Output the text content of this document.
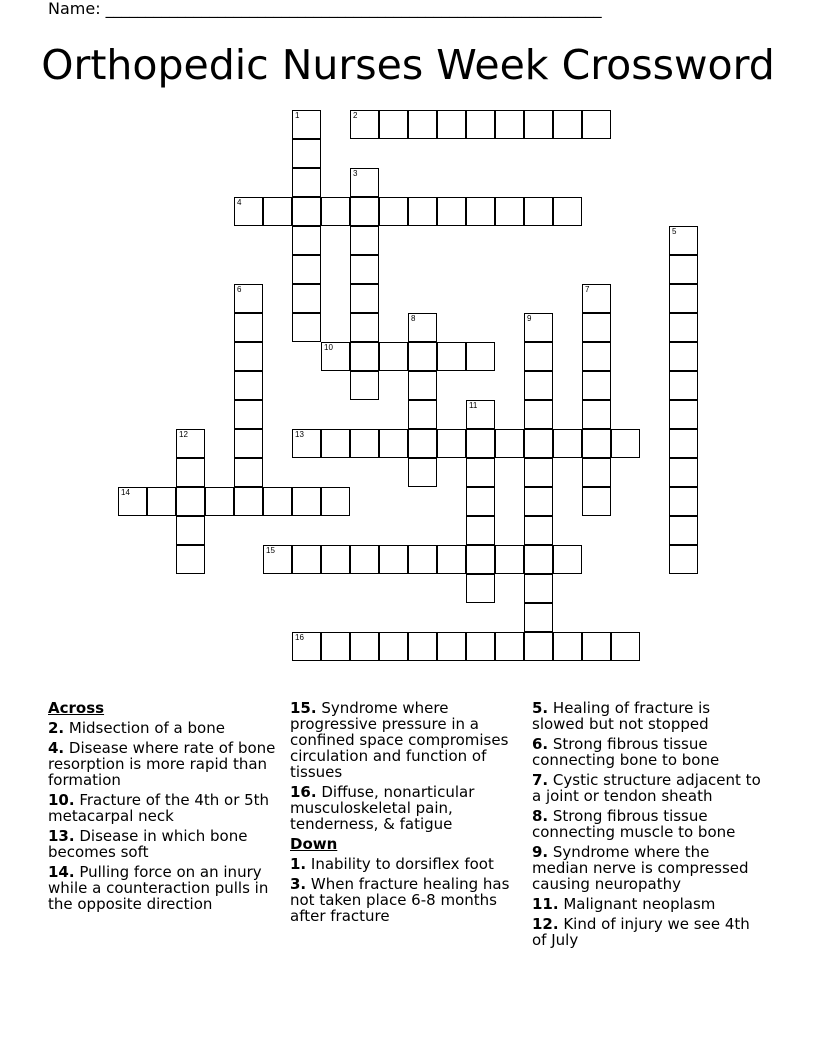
Name: ______________________________________________________________
Orthopedic Nurses Week Crossword
1	2
3
4
5
6	7
8	9
10
11
12	13
14
15
16
Across
2. Midsection of a bone
4. Disease where rate of bone resorption is more rapid than formation
10. Fracture of the 4th or 5th metacarpal neck
13. Disease in which bone becomes soft
14. Pulling force on an inury while a counteraction pulls in the opposite direction
15. Syndrome where progressive pressure in a confined space compromises circulation and function of tissues
16. Diffuse, nonarticular musculoskeletal pain, tenderness, & fatigue
Down
1. Inability to dorsiflex foot
3. When fracture healing has not taken place 6-8 months after fracture
5. Healing of fracture is slowed but not stopped
6. Strong fibrous tissue connecting bone to bone
7. Cystic structure adjacent to a joint or tendon sheath
8. Strong fibrous tissue connecting muscle to bone
9. Syndrome where the median nerve is compressed causing neuropathy
11. Malignant neoplasm
12. Kind of injury we see 4th of July
